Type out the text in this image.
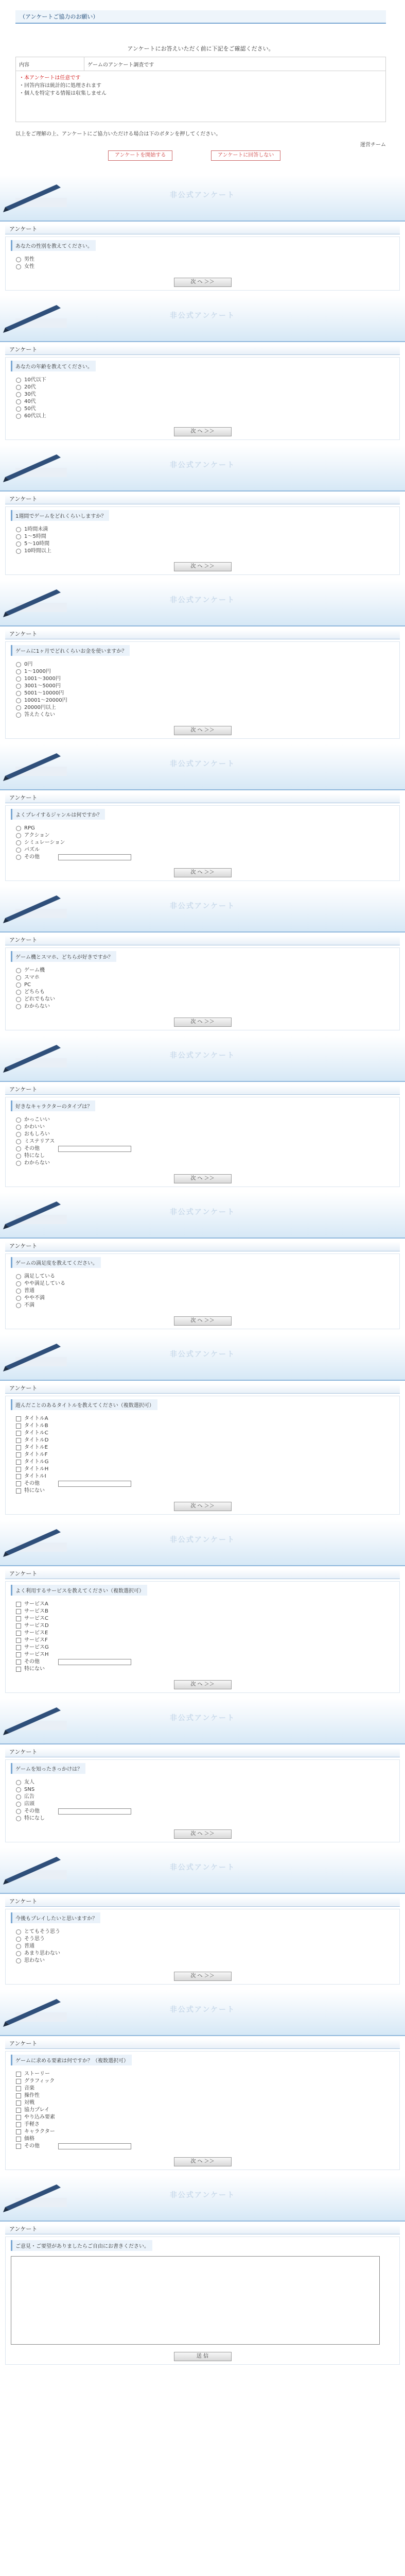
（アンケートご協力のお願い）
アンケートにお答えいただく前に下記をご確認ください。
内容	ゲームのアンケート調査です

・本アンケートは任意です
・回答内容は統計的に処理されます
・個人を特定する情報は収集しません
以上をご理解の上、アンケートにご協力いただける場合は下のボタンを押してください。
運営チーム
アンケートを開始する	アンケートに回答しない
非公式アンケート
アンケート
あなたの性別を教えてください。
男性
女性
次 へ ＞＞
非公式アンケート
アンケート
あなたの年齢を教えてください。
10代以下
20代
30代
40代
50代
60代以上
次 へ ＞＞
非公式アンケート
アンケート
1週間でゲームをどれくらいしますか？
1時間未満
1〜5時間
5〜10時間
10時間以上
次 へ ＞＞
非公式アンケート
アンケート
ゲームに1ヶ月でどれくらいお金を使いますか？
0円
1〜1000円
1001〜3000円
3001〜5000円
5001〜10000円
10001〜20000円
20000円以上
答えたくない
次 へ ＞＞
非公式アンケート
アンケート
よくプレイするジャンルは何ですか？
RPG
アクション
シミュレーション
パズル
その他
次 へ ＞＞
非公式アンケート
アンケート
ゲーム機とスマホ、どちらが好きですか？
ゲーム機
スマホ
PC
どちらも
どれでもない
わからない
次 へ ＞＞
非公式アンケート
アンケート
好きなキャラクターのタイプは？
かっこいい
かわいい
おもしろい
ミステリアス
その他
特になし
わからない
次 へ ＞＞
非公式アンケート
アンケート
ゲームの満足度を教えてください。
満足している
やや満足している
普通
やや不満
不満
次 へ ＞＞
非公式アンケート
アンケート
遊んだことのあるタイトルを教えてください（複数選択可）
タイトルA
タイトルB
タイトルC
タイトルD
タイトルE
タイトルF
タイトルG
タイトルH
タイトルI
その他
特にない
次 へ ＞＞
非公式アンケート
アンケート
よく利用するサービスを教えてください（複数選択可）
サービスA
サービスB
サービスC
サービスD
サービスE
サービスF
サービスG
サービスH
その他
特にない
次 へ ＞＞
非公式アンケート
アンケート
ゲームを知ったきっかけは？
友人
SNS
広告
店頭
その他
特になし
次 へ ＞＞
非公式アンケート
アンケート
今後もプレイしたいと思いますか？
とてもそう思う
そう思う
普通
あまり思わない
思わない
次 へ ＞＞
非公式アンケート
アンケート
ゲームに求める要素は何ですか？（複数選択可）
ストーリー
グラフィック
音楽
操作性
対戦
協力プレイ
やり込み要素
手軽さ
キャラクター
価格
その他
次 へ ＞＞
非公式アンケート
アンケート
ご意見・ご要望がありましたらご自由にお書きください。
送 信
